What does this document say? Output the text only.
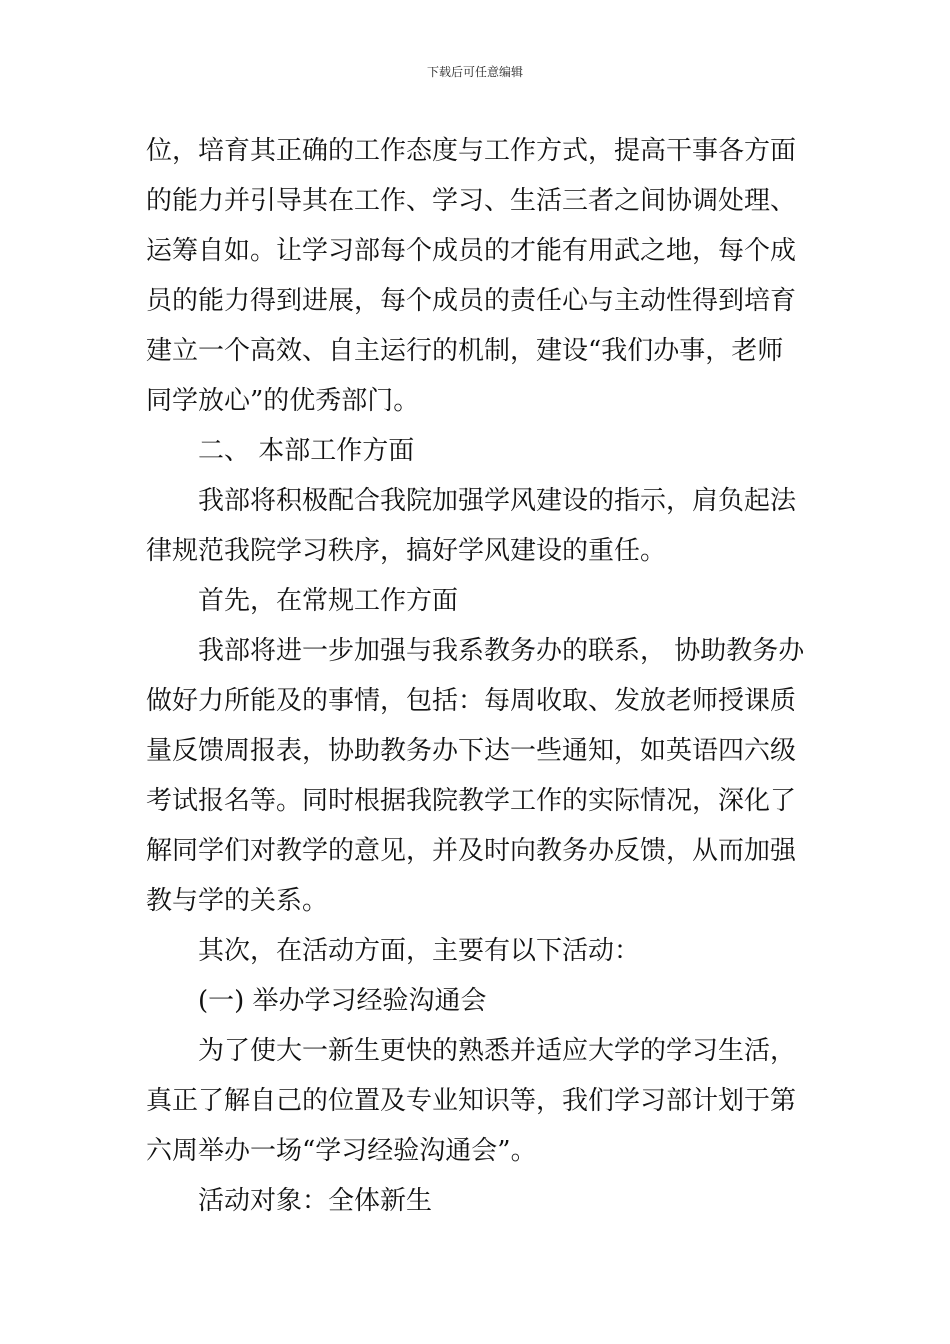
下载后可任意编辑
位，培育其正确的工作态度与工作方式，提高干事各方面
的能力并引导其在工作、学习、生活三者之间协调处理、
运筹自如。让学习部每个成员的才能有用武之地，每个成
员的能力得到进展，每个成员的责任心与主动性得到培育
建立一个高效、自主运行的机制，建设“我们办事，老师
同学放心”的优秀部门。
二、 本部工作方面
我部将积极配合我院加强学风建设的指示，肩负起法
律规范我院学习秩序，搞好学风建设的重任。
首先，在常规工作方面
我部将进一步加强与我系教务办的联系， 协助教务办
做好力所能及的事情，包括：每周收取、发放老师授课质
量反馈周报表，协助教务办下达一些通知，如英语四六级
考试报名等。同时根据我院教学工作的实际情况，深化了
解同学们对教学的意见，并及时向教务办反馈，从而加强
教与学的关系。
其次，在活动方面，主要有以下活动：
(一) 举办学习经验沟通会
为了使大一新生更快的熟悉并适应大学的学习生活，
真正了解自己的位置及专业知识等，我们学习部计划于第
六周举办一场“学习经验沟通会”。
活动对象：全体新生
